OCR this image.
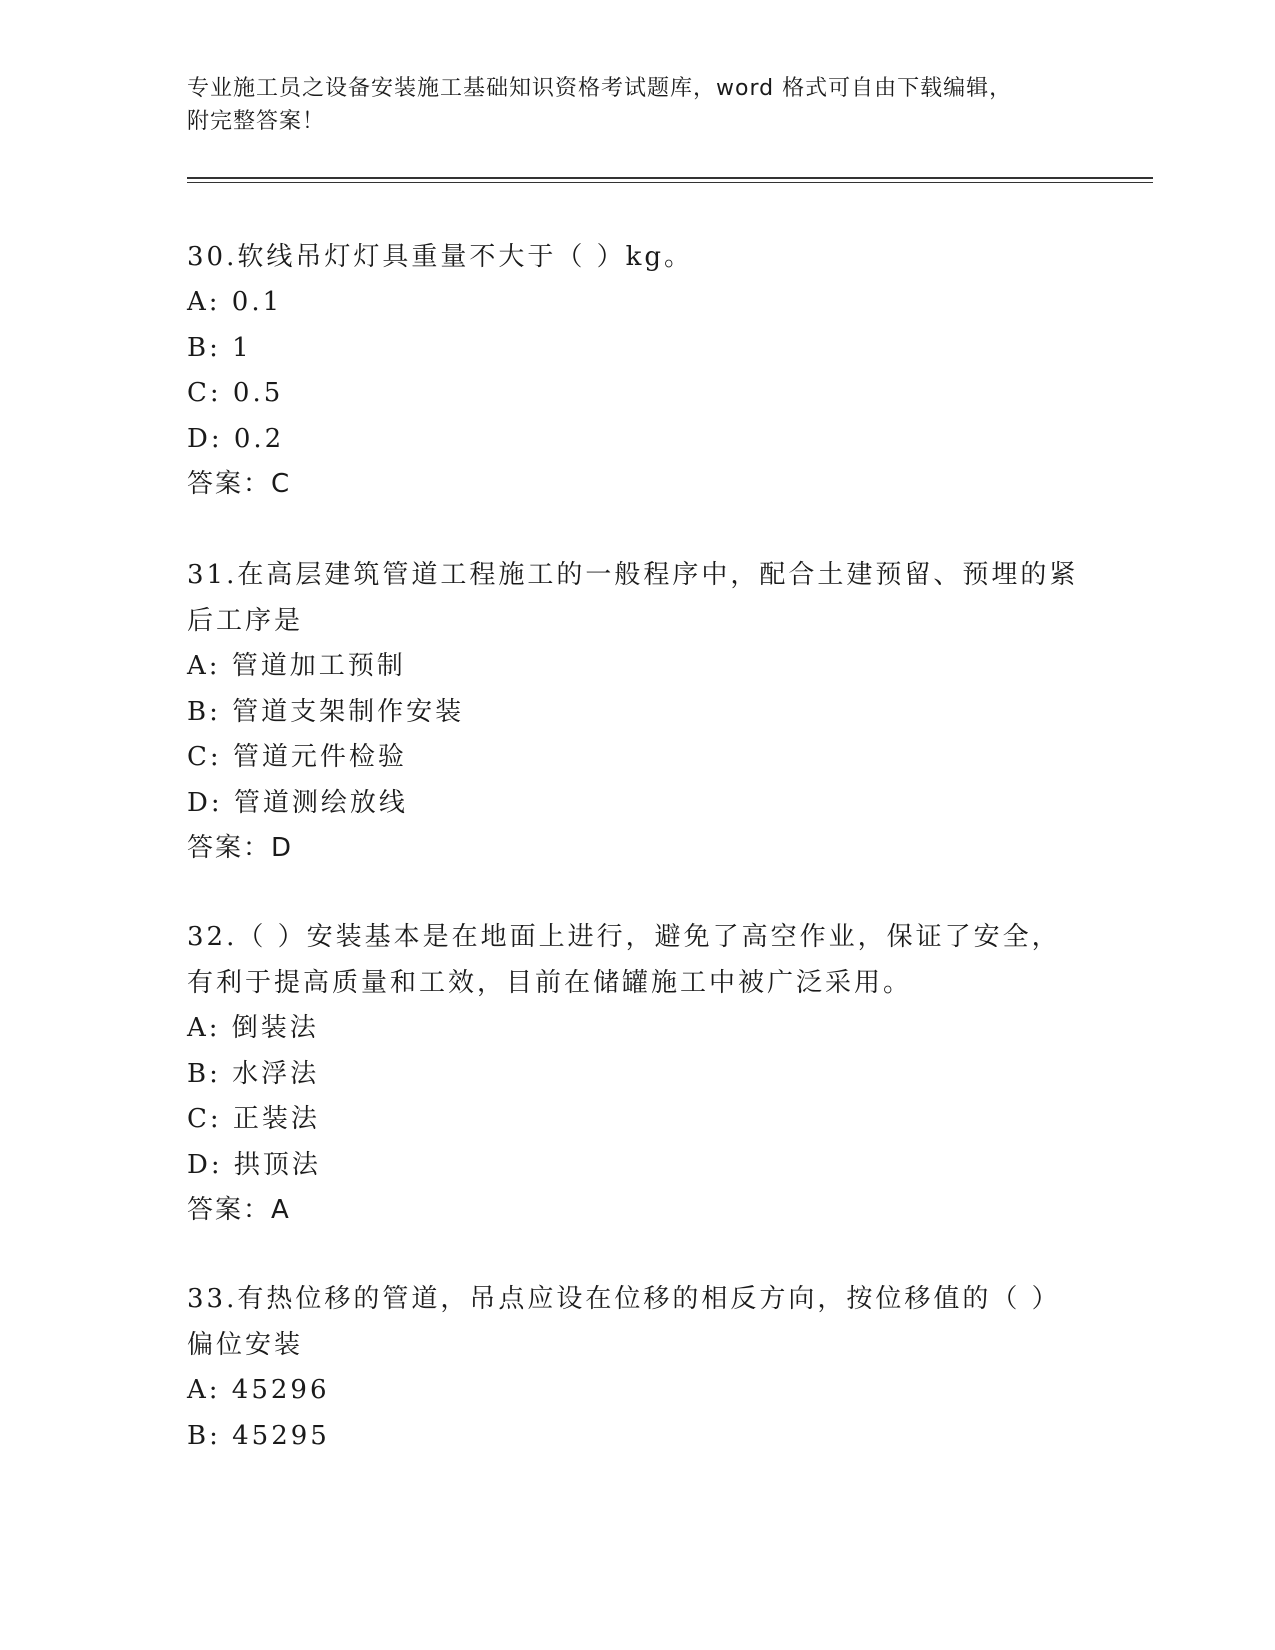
专业施工员之设备安装施工基础知识资格考试题库，word 格式可自由下载编辑，
附完整答案！
30.软线吊灯灯具重量不大于（ ）kg。
A: 0.1
B: 1
C: 0.5
D: 0.2
答案：C
31.在高层建筑管道工程施工的一般程序中，配合土建预留、预埋的紧
后工序是
A: 管道加工预制
B: 管道支架制作安装
C: 管道元件检验
D: 管道测绘放线
答案：D
32.（ ）安装基本是在地面上进行，避免了高空作业，保证了安全，
有利于提高质量和工效，目前在储罐施工中被广泛采用。
A: 倒装法
B: 水浮法
C: 正装法
D: 拱顶法
答案：A
33.有热位移的管道，吊点应设在位移的相反方向，按位移值的（ ）
偏位安装
A: 45296
B: 45295
